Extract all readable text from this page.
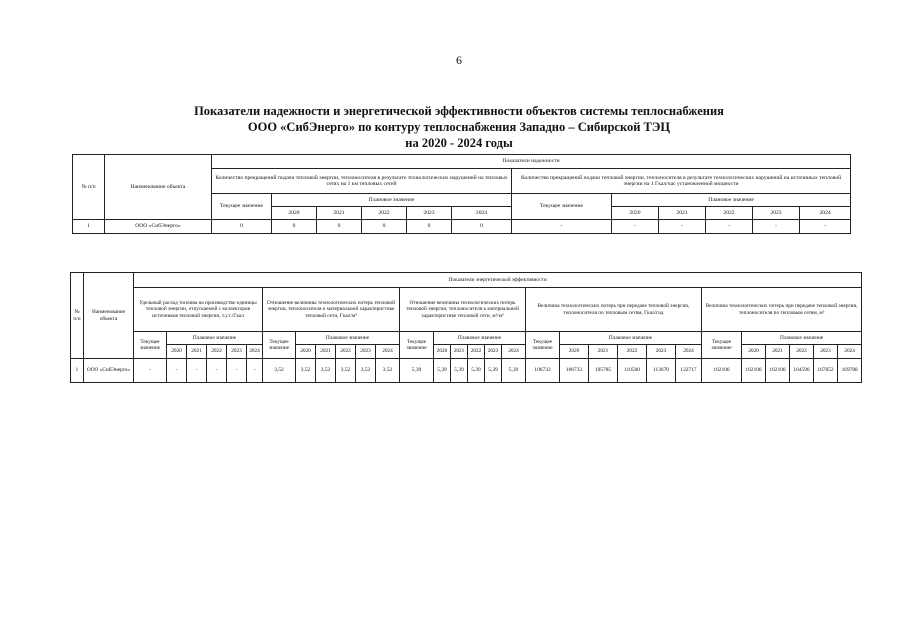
6
Показатели надежности и энергетической эффективности объектов системы теплоснабжения
ООО «СибЭнерго» по контуру теплоснабжения Западно – Сибирской ТЭЦ
на 2020 - 2024 годы
№ п/п	Наименование объекта	Показатели надежности											
		Количество прекращений подачи тепловой энергии, теплоносителя в результате технологических нарушений на тепловых сетях на 1 км тепловых сетей						Количество прекращений подачи тепловой энергии, теплоносителя в результате технологических нарушений на источниках тепловой энергии на 1 Гкал/час установленной мощности					
		Текущее значение	Плановое значение					Текущее значение	Плановое значение				
			2020	2021	2022	2023	2024		2020	2021	2022	2023	2024
1	ООО «СибЭнерго»	0	0	0	0	0	0	-	-	-	-	-	-
№ п/п	Наименование объекта	Показатели энергетической эффективности																													
		Удельный расход топлива на производство единицы тепловой энергии, отпускаемой с коллекторов источников тепловой энергии, т.у.т./Гкал						Отношение величины технологических потерь тепловой энергии, теплоносителя к материальной характеристике тепловой сети, Гкал/м²						Отношение величины технологических потерь тепловой энергии, теплоносителя к материальной характеристике тепловой сети, м³/м²						Величина технологических потерь при передаче тепловой энергии, теплоносителя по тепловым сетям, Гкал/год						Величина технологических потерь при передаче тепловой энергии, теплоносителя по тепловым сетям, м³					
		Текущее значение	Плановое значение					Текущее значение	Плановое значение					Текущее значение	Плановое значение					Текущее значение	Плановое значение					Текущее значение	Плановое значение				
			2020	2021	2022	2023	2024		2020	2021	2022	2023	2024		2020	2021	2022	2023	2024		2020	2021	2022	2023	2024		2020	2021	2022	2023	2024
1	ООО «СибЭнерго»	-	-	-	-	-	-	3,52	3,52	3,52	3,52	3,52	3,52	5,39	5,39	5,39	5,39	5,39	5,39	106733	106733	105785	110500	113670	122717	162106	162106	162106	164596	167852	169788
